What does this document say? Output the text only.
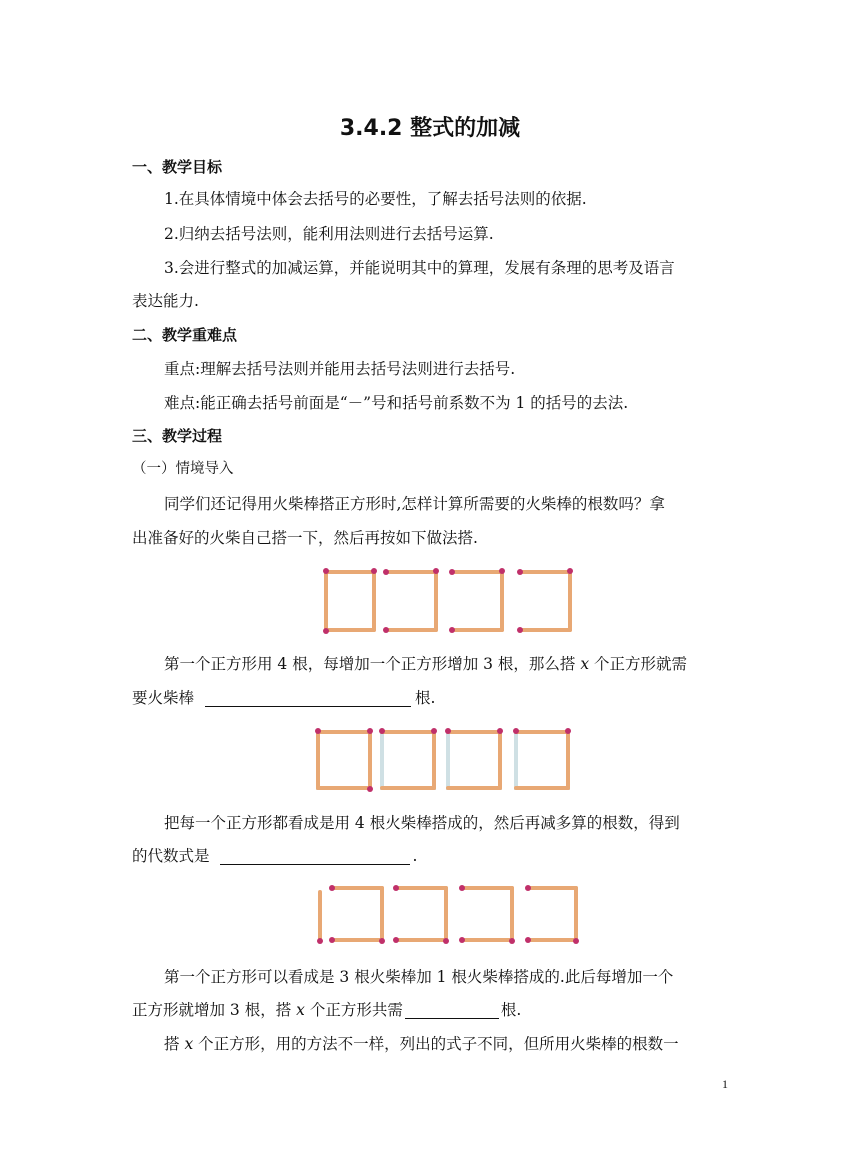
3.4.2 整式的加减
一、教学目标
1.在具体情境中体会去括号的必要性，了解去括号法则的依据.
2.归纳去括号法则，能利用法则进行去括号运算.
3.会进行整式的加减运算，并能说明其中的算理，发展有条理的思考及语言
表达能力.
二、教学重难点
重点:理解去括号法则并能用去括号法则进行去括号.
难点:能正确去括号前面是“－”号和括号前系数不为 1 的括号的去法.
三、教学过程
（一）情境导入
同学们还记得用火柴棒搭正方形时,怎样计算所需要的火柴棒的根数吗？拿
出准备好的火柴自己搭一下，然后再按如下做法搭.
第一个正方形用 4 根，每增加一个正方形增加 3 根，那么搭 x 个正方形就需
要火柴棒	根.
把每一个正方形都看成是用 4 根火柴棒搭成的，然后再减多算的根数，得到
的代数式是	.
第一个正方形可以看成是 3 根火柴棒加 1 根火柴棒搭成的.此后每增加一个
正方形就增加 3 根，搭 x 个正方形共需	根.
搭 x 个正方形，用的方法不一样，列出的式子不同，但所用火柴棒的根数一
1
